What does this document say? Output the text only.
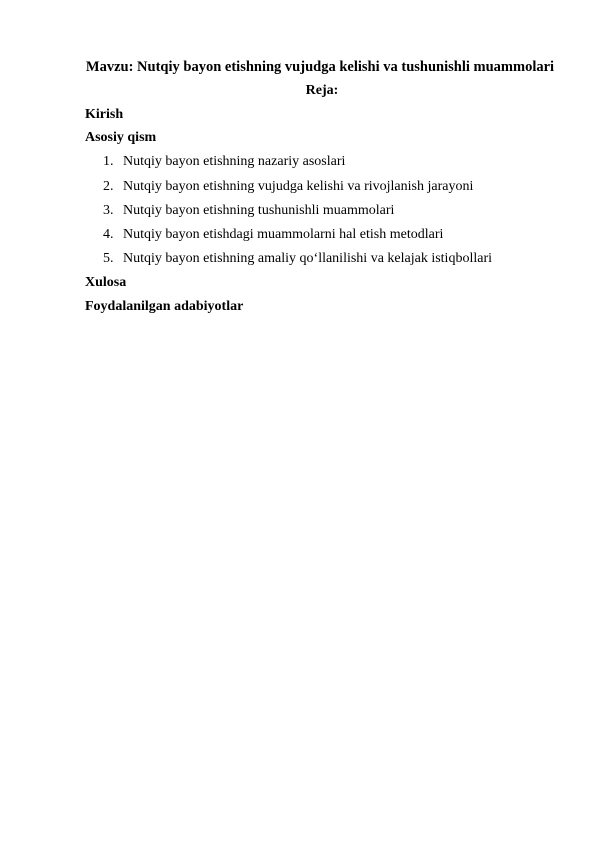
Mavzu: Nutqiy bayon etishning vujudga kelishi va tushunishli muammolari
Reja:
Kirish
Asosiy qism
1. Nutqiy bayon etishning nazariy asoslari
2. Nutqiy bayon etishning vujudga kelishi va rivojlanish jarayoni
3. Nutqiy bayon etishning tushunishli muammolari
4. Nutqiy bayon etishdagi muammolarni hal etish metodlari
5. Nutqiy bayon etishning amaliy qo‘llanilishi va kelajak istiqbollari
Xulosa
Foydalanilgan adabiyotlar
